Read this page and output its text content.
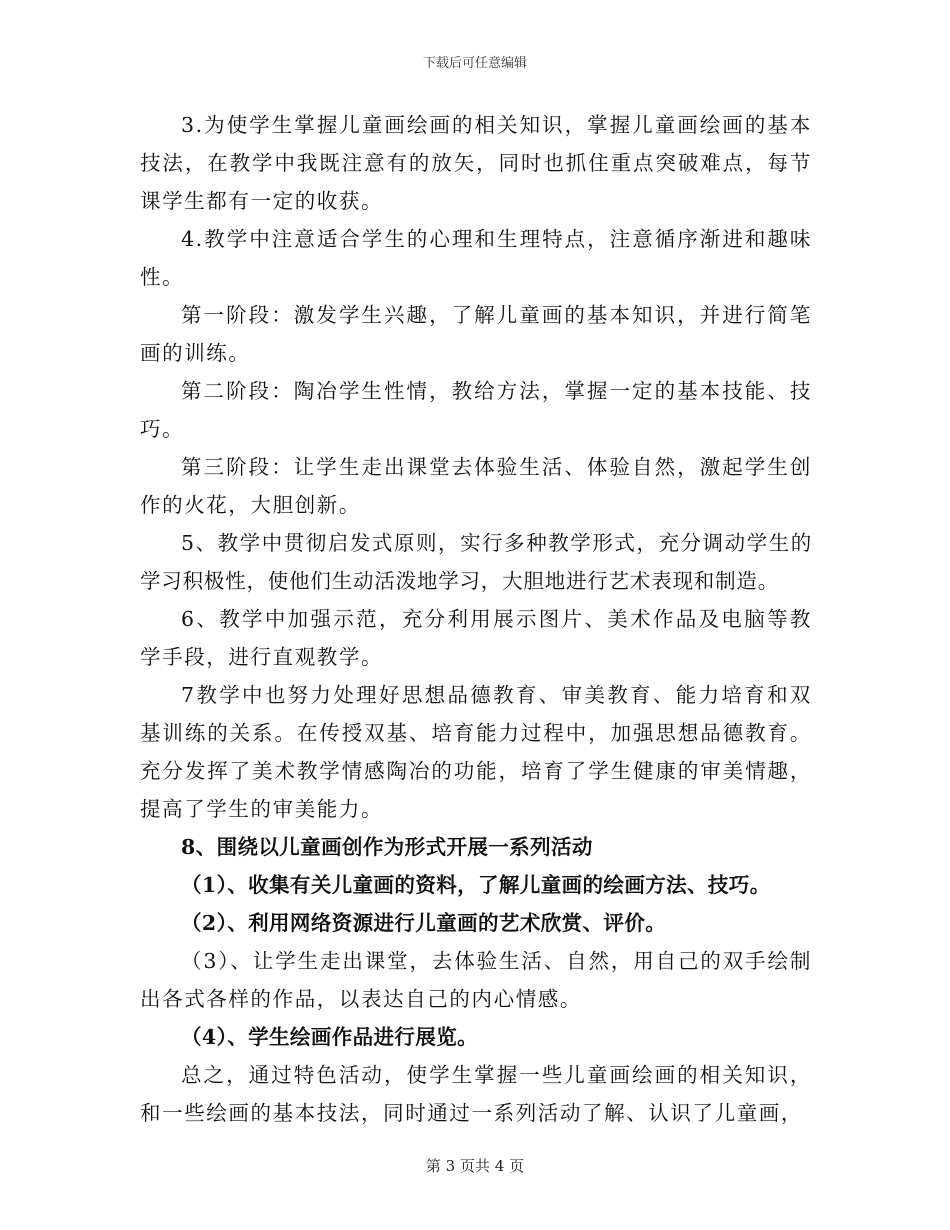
下载后可任意编辑

3.为使学生掌握儿童画绘画的相关知识，掌握儿童画绘画的基本技法，在教学中我既注意有的放矢，同时也抓住重点突破难点，每节课学生都有一定的收获。

4.教学中注意适合学生的心理和生理特点，注意循序渐进和趣味性。

第一阶段：激发学生兴趣，了解儿童画的基本知识，并进行简笔画的训练。

第二阶段：陶冶学生性情，教给方法，掌握一定的基本技能、技巧。

第三阶段：让学生走出课堂去体验生活、体验自然，激起学生创作的火花，大胆创新。

5、教学中贯彻启发式原则，实行多种教学形式，充分调动学生的学习积极性，使他们生动活泼地学习，大胆地进行艺术表现和制造。

6、教学中加强示范，充分利用展示图片、美术作品及电脑等教学手段，进行直观教学。

7教学中也努力处理好思想品德教育、审美教育、能力培育和双基训练的关系。在传授双基、培育能力过程中，加强思想品德教育。充分发挥了美术教学情感陶冶的功能，培育了学生健康的审美情趣，提高了学生的审美能力。

8、围绕以儿童画创作为形式开展一系列活动

（1）、收集有关儿童画的资料，了解儿童画的绘画方法、技巧。

（2）、利用网络资源进行儿童画的艺术欣赏、评价。

（3）、让学生走出课堂，去体验生活、自然，用自己的双手绘制出各式各样的作品，以表达自己的内心情感。

（4）、学生绘画作品进行展览。

总之，通过特色活动，使学生掌握一些儿童画绘画的相关知识，和一些绘画的基本技法，同时通过一系列活动了解、认识了儿童画，

第 3 页共 4 页
